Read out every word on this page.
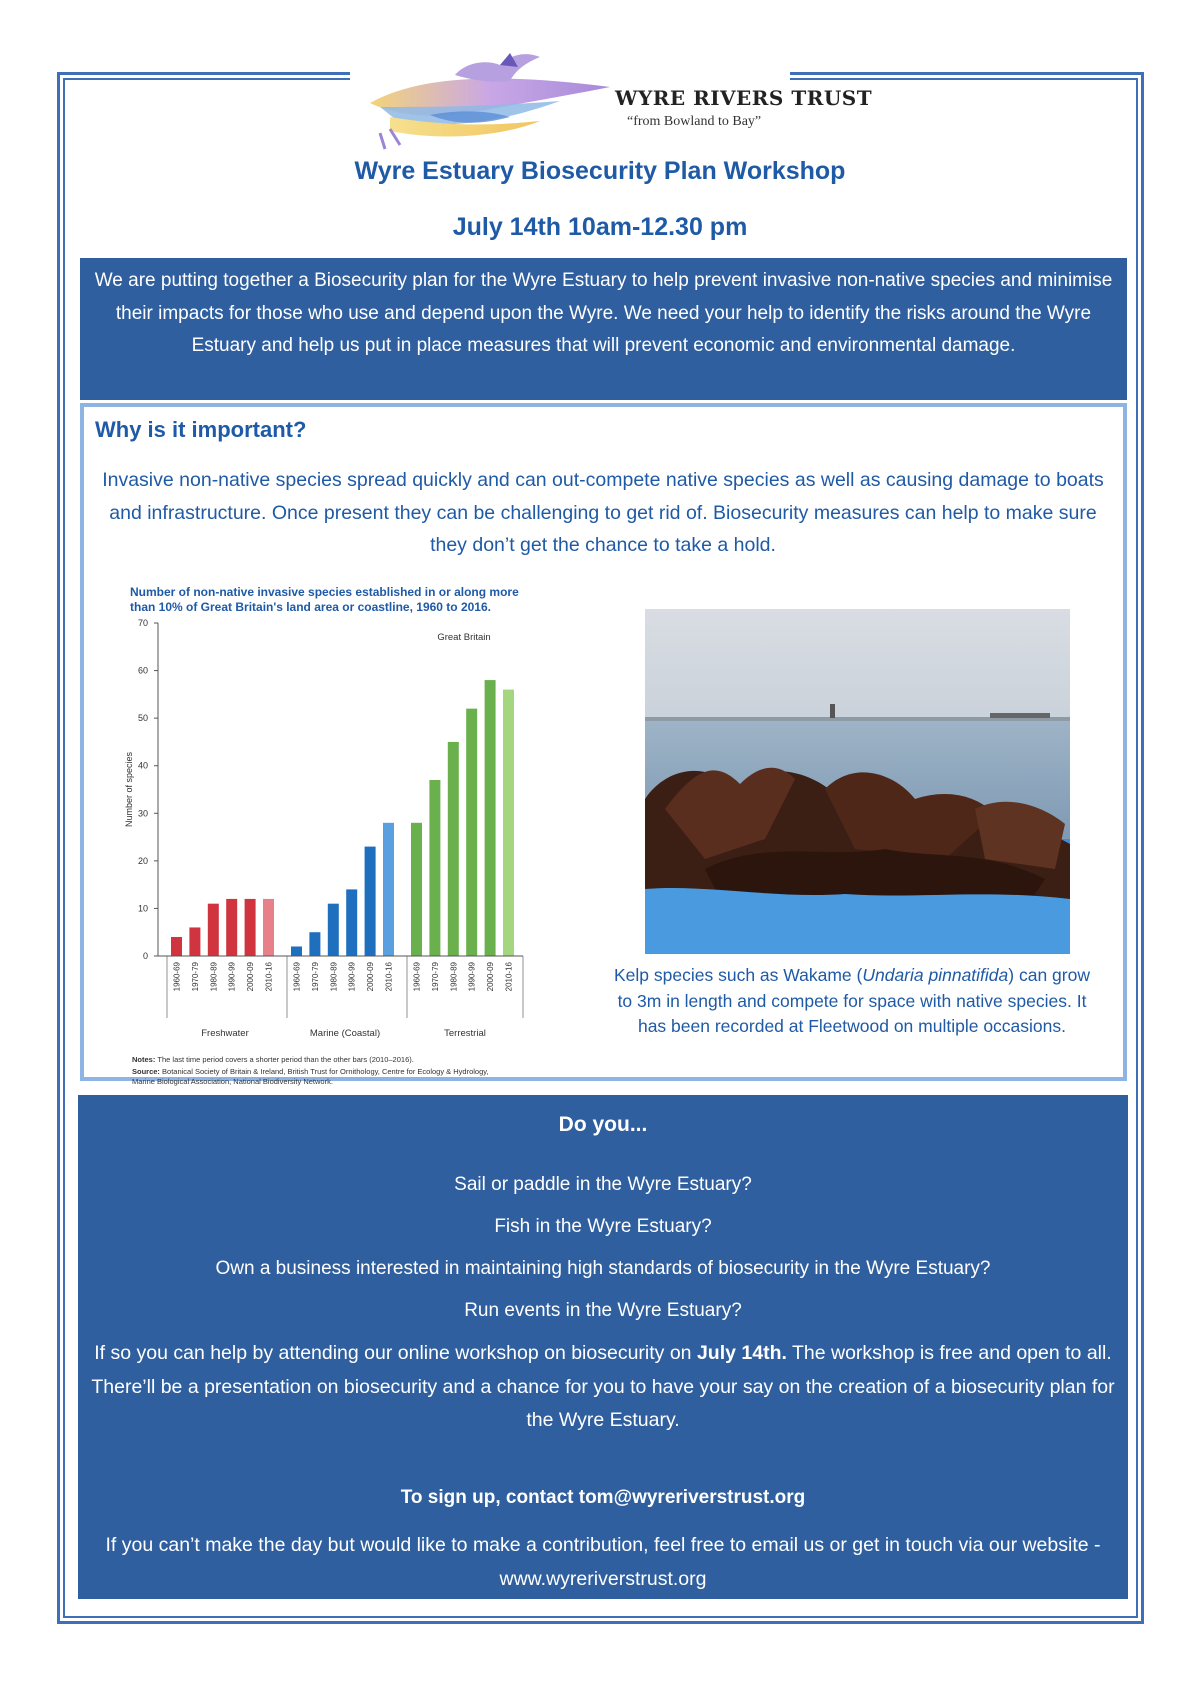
WYRE RIVERS TRUST
“from Bowland to Bay”
Wyre Estuary Biosecurity Plan Workshop
July 14th 10am-12.30 pm
We are putting together a Biosecurity plan for the Wyre Estuary to help prevent invasive non-native species and minimise their impacts for those who use and depend upon the Wyre. We need your help to identify the risks around the Wyre Estuary and help us put in place measures that will prevent economic and environmental damage.
Why is it important?
Invasive non-native species spread quickly and can out-compete native species as well as causing damage to boats and infrastructure. Once present they can be challenging to get rid of. Biosecurity measures can help to make sure they don’t get the chance to take a hold.
Number of non-native invasive species established in or along more
than 10% of Great Britain's land area or coastline, 1960 to 2016.
0
10
20
30
40
50
60
70
Number of species
Great Britain
1960-69 1970-79 1980-89 1990-99 2000-09 2010-16
Freshwater
1960-69 1970-79 1980-89 1990-99 2000-09 2010-16
Marine (Coastal)
1960-69 1970-79 1980-89 1990-99 2000-09 2010-16
Terrestrial
Notes: The last time period covers a shorter period than the other bars (2010–2016).
Source: Botanical Society of Britain & Ireland, British Trust for Ornithology, Centre for Ecology & Hydrology,
Marine Biological Association, National Biodiversity Network.
Kelp species such as Wakame (Undaria pinnatifida) can grow to 3m in length and compete for space with native species. It has been recorded at Fleetwood on multiple occasions.
Do you...
Sail or paddle in the Wyre Estuary?
Fish in the Wyre Estuary?
Own a business interested in maintaining high standards of biosecurity in the Wyre Estuary?
Run events in the Wyre Estuary?
If so you can help by attending our online workshop on biosecurity on July 14th. The workshop is free and open to all. There’ll be a presentation on biosecurity and a chance for you to have your say on the creation of a biosecurity plan for the Wyre Estuary.
To sign up, contact tom@wyreriverstrust.org
If you can’t make the day but would like to make a contribution, feel free to email us or get in touch via our website - www.wyreriverstrust.org
